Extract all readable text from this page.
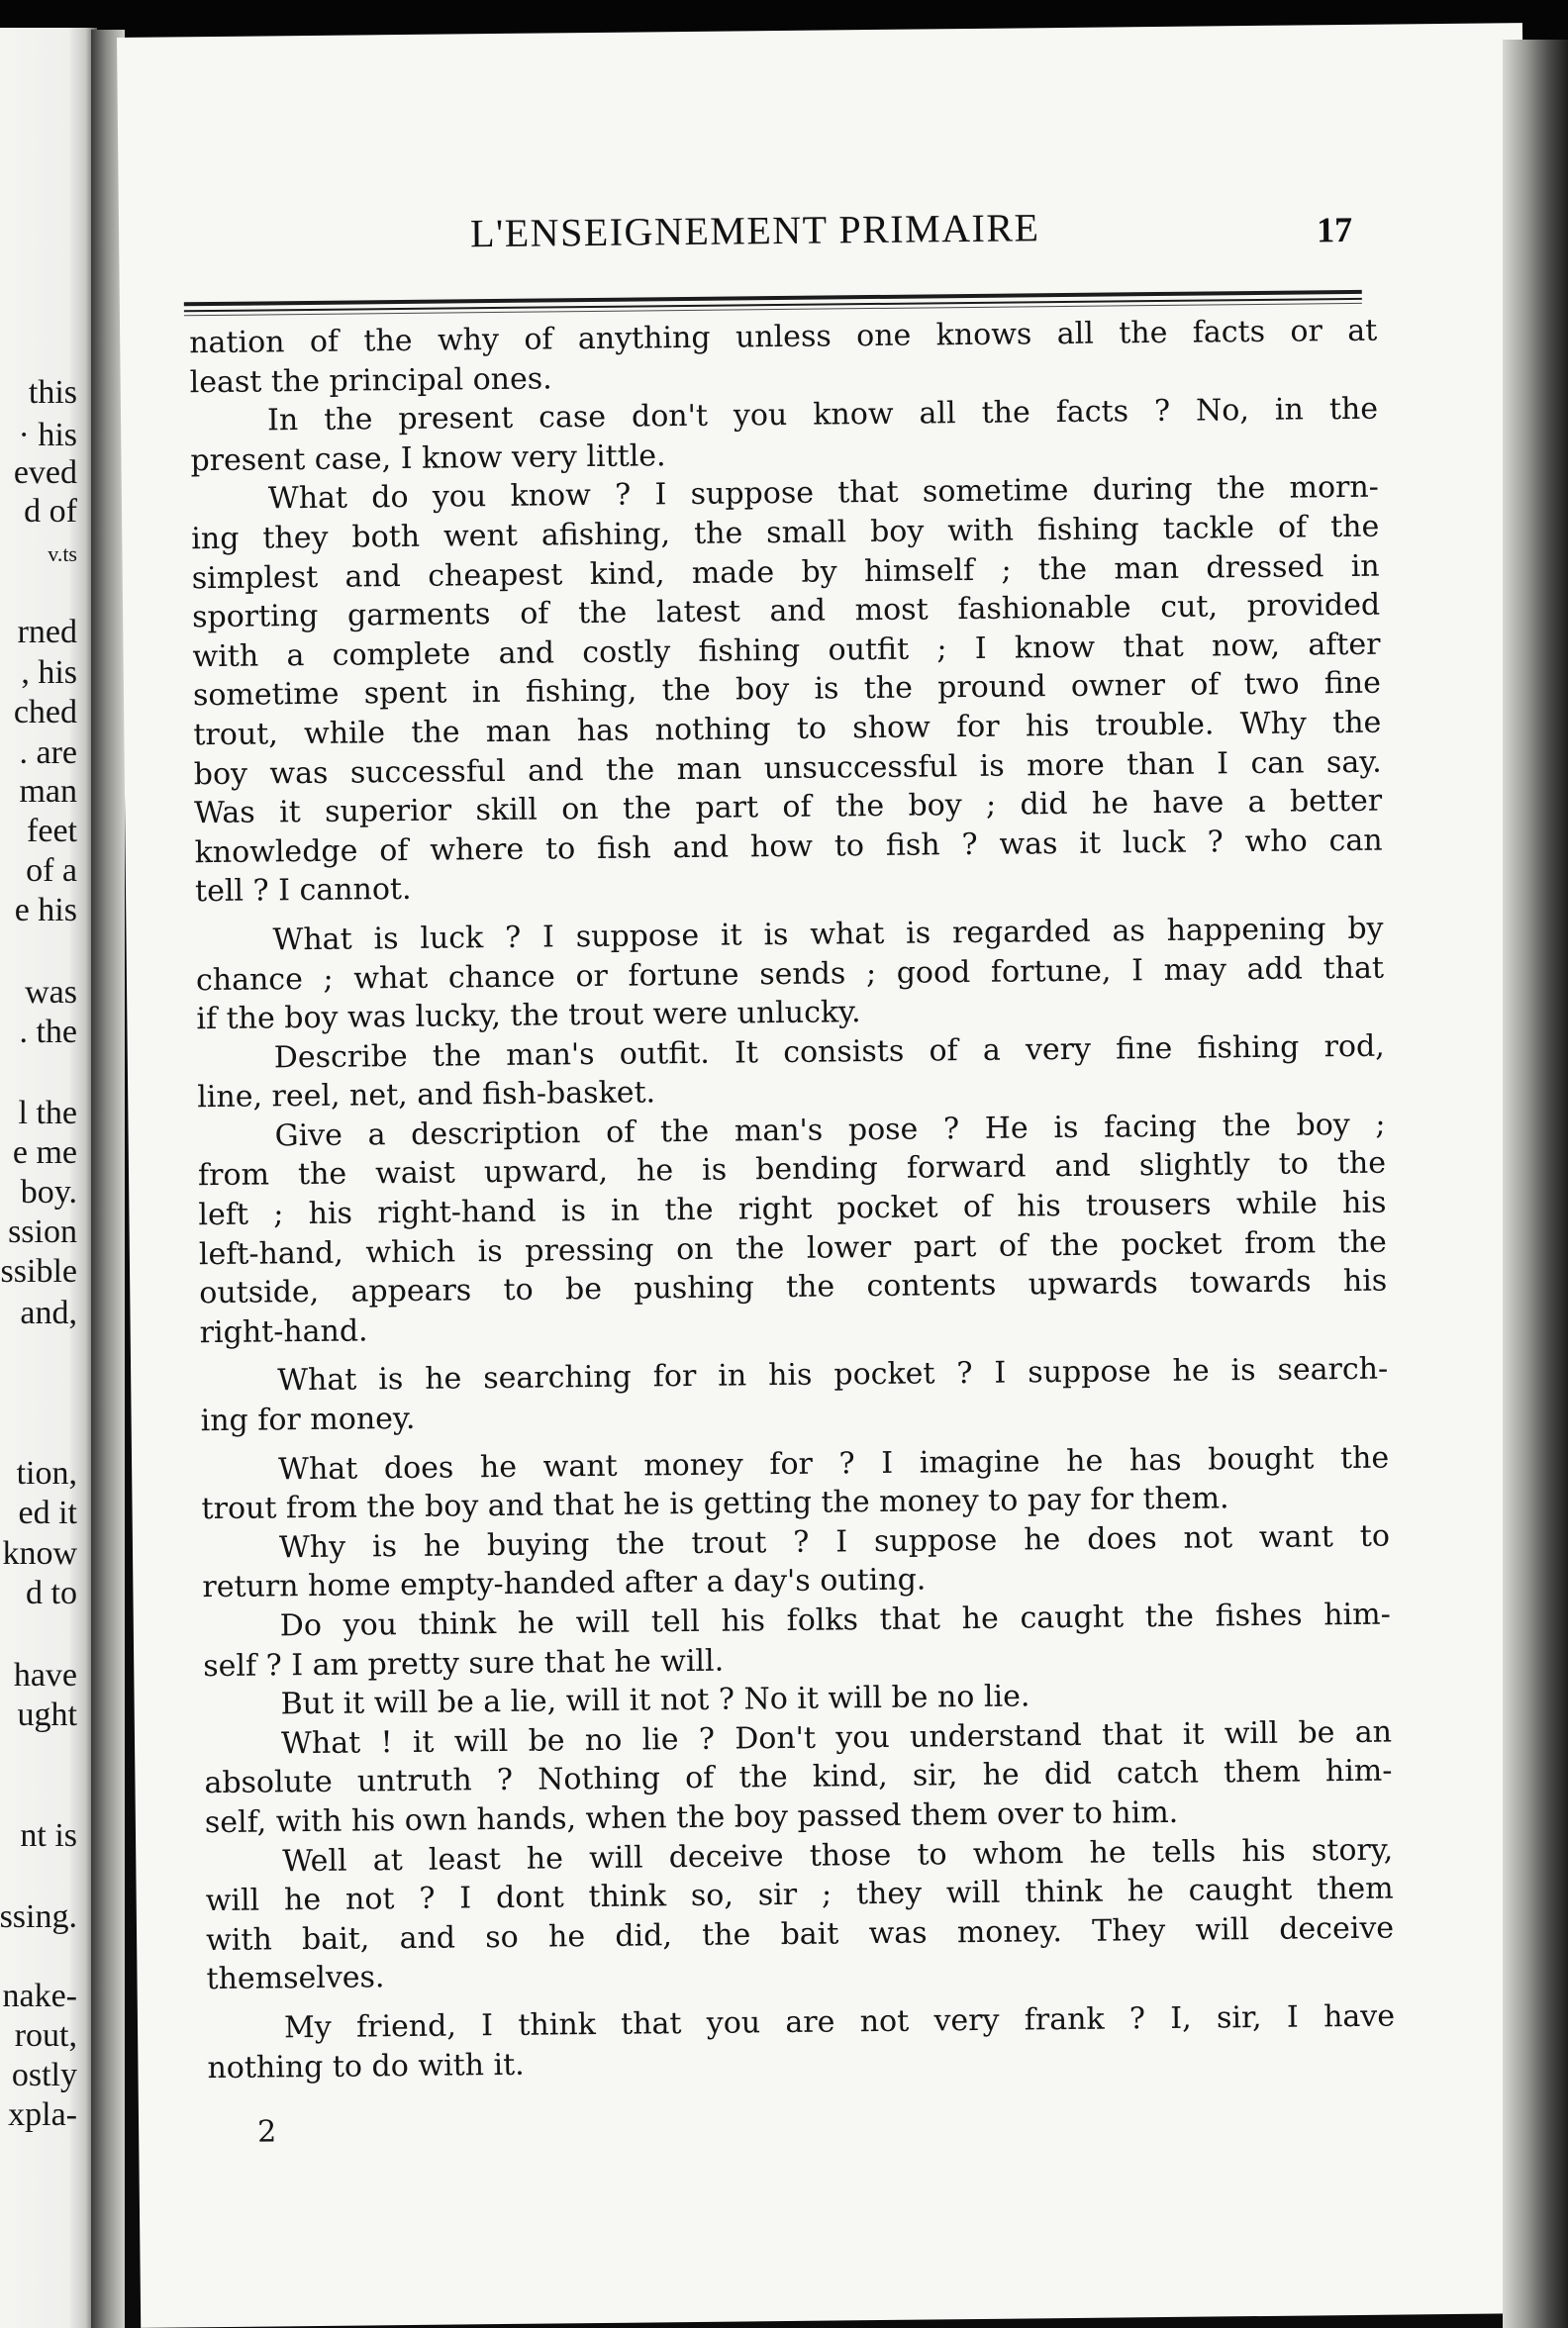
this

· his

eved

d of

v.ts

rned

, his

ched

. are

man

feet

of a

e his

was

. the

l the

e me

boy.

ssion

ssible

and,

tion,

ed it

know

d to

have

ught

nt is

ssing.

nake-

rout,

ostly

xpla-

L'ENSEIGNEMENT PRIMAIRE	17

nation of the why of anything unless one knows all the facts or at

least the principal ones.

In the present case don't you know all the facts ? No, in the

present case, I know very little.

What do you know ? I suppose that sometime during the morn-

ing they both went afishing, the small boy with fishing tackle of the

simplest and cheapest kind, made by himself ; the man dressed in

sporting garments of the latest and most fashionable cut, provided

with a complete and costly fishing outfit ; I know that now, after

sometime spent in fishing, the boy is the pround owner of two fine

trout, while the man has nothing to show for his trouble. Why the

boy was successful and the man unsuccessful is more than I can say.

Was it superior skill on the part of the boy ; did he have a better

knowledge of where to fish and how to fish ? was it luck ? who can

tell ? I cannot.

What is luck ? I suppose it is what is regarded as happening by

chance ; what chance or fortune sends ; good fortune, I may add that

if the boy was lucky, the trout were unlucky.

Describe the man's outfit. It consists of a very fine fishing rod,

line, reel, net, and fish-basket.

Give a description of the man's pose ? He is facing the boy ;

from the waist upward, he is bending forward and slightly to the

left ; his right-hand is in the right pocket of his trousers while his

left-hand, which is pressing on the lower part of the pocket from the

outside, appears to be pushing the contents upwards towards his

right-hand.

What is he searching for in his pocket ? I suppose he is search-

ing for money.

What does he want money for ? I imagine he has bought the

trout from the boy and that he is getting the money to pay for them.

Why is he buying the trout ? I suppose he does not want to

return home empty-handed after a day's outing.

Do you think he will tell his folks that he caught the fishes him-

self ? I am pretty sure that he will.

But it will be a lie, will it not ? No it will be no lie.

What ! it will be no lie ? Don't you understand that it will be an

absolute untruth ? Nothing of the kind, sir, he did catch them him-

self, with his own hands, when the boy passed them over to him.

Well at least he will deceive those to whom he tells his story,

will he not ? I dont think so, sir ; they will think he caught them

with bait, and so he did, the bait was money. They will deceive

themselves.

My friend, I think that you are not very frank ? I, sir, I have

nothing to do with it.

2
